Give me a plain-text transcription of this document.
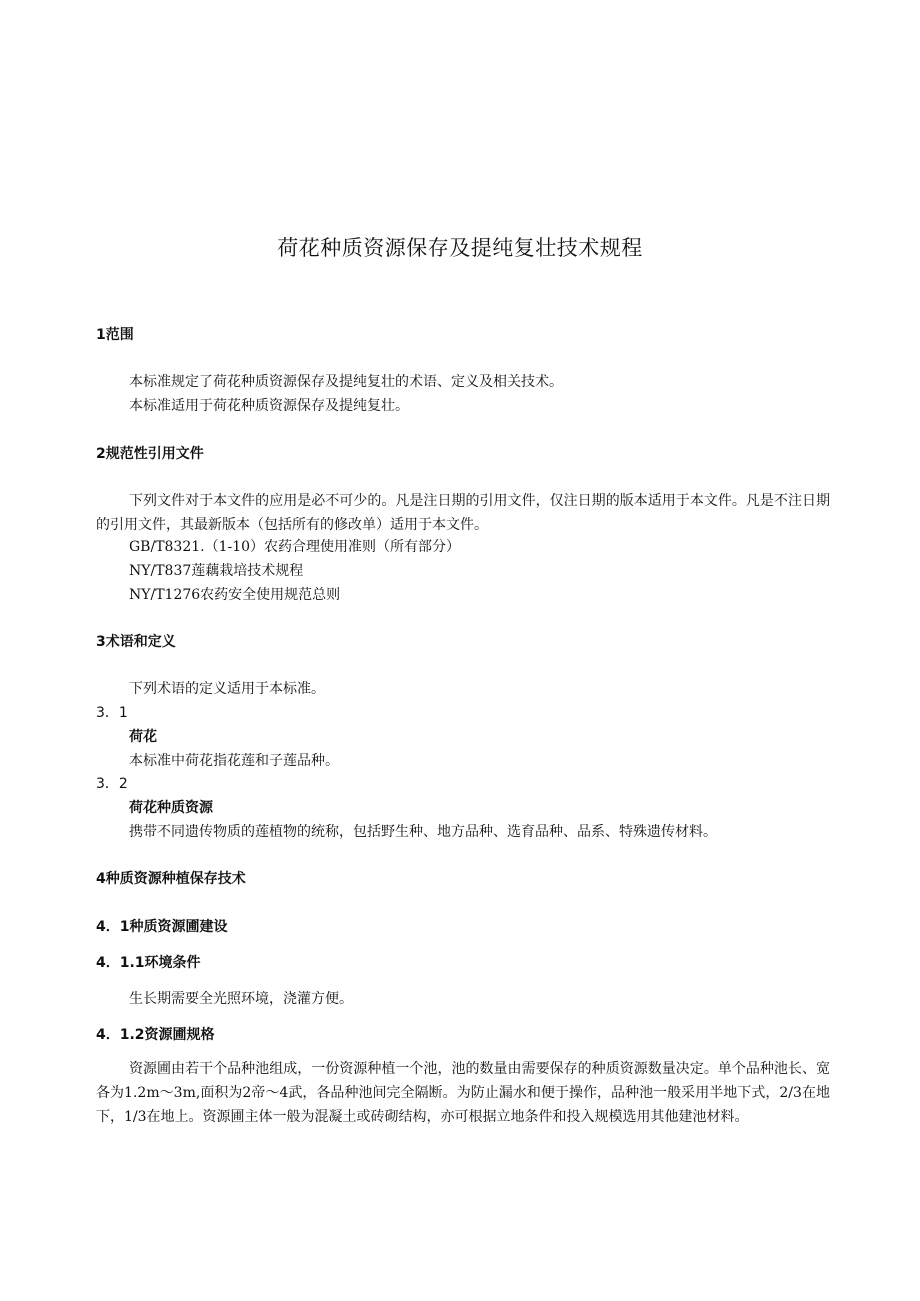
荷花种质资源保存及提纯复壮技术规程
1范围
本标准规定了荷花种质资源保存及提纯复壮的术语、定义及相关技术。
本标准适用于荷花种质资源保存及提纯复壮。
2规范性引用文件
下列文件对于本文件的应用是必不可少的。凡是注日期的引用文件，仅注日期的版本适用于本文件。凡是不注日期的引用文件，其最新版本（包括所有的修改单）适用于本文件。
GB/T8321.（1-10）农药合理使用准则（所有部分）
NY/T837莲藕栽培技术规程
NY/T1276农药安全使用规范总则
3术语和定义
下列术语的定义适用于本标准。
3．1
荷花
本标准中荷花指花莲和子莲品种。
3．2
荷花种质资源
携带不同遗传物质的莲植物的统称，包括野生种、地方品种、选育品种、品系、特殊遗传材料。
4种质资源种植保存技术
4．1种质资源圃建设
4．1.1环境条件
生长期需要全光照环境，浇灌方便。
4．1.2资源圃规格
资源圃由若干个品种池组成，一份资源种植一个池，池的数量由需要保存的种质资源数量决定。单个品种池长、宽各为1.2m～3m,面积为2帝～4武，各品种池间完全隔断。为防止漏水和便于操作，品种池一般采用半地下式，2/3在地下，1/3在地上。资源圃主体一般为混凝土或砖砌结构，亦可根据立地条件和投入规模选用其他建池材料。
